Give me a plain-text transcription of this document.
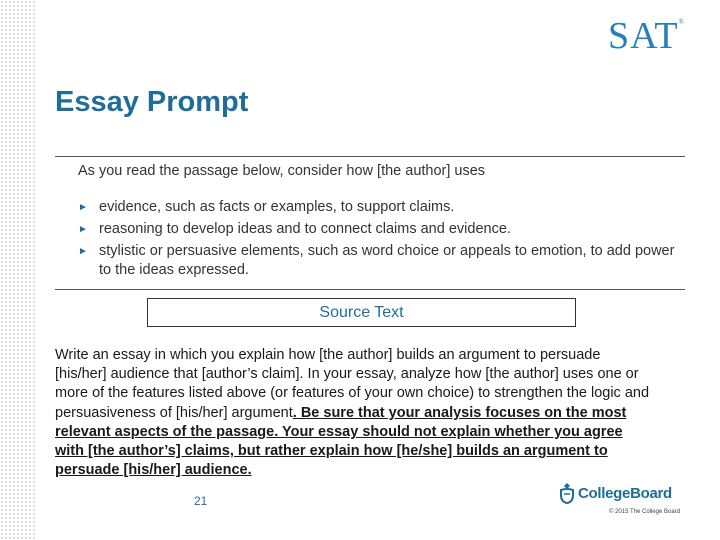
SAT®
Essay Prompt
As you read the passage below, consider how [the author] uses
► evidence, such as facts or examples, to support claims.
► reasoning to develop ideas and to connect claims and evidence.
► stylistic or persuasive elements, such as word choice or appeals to emotion, to add power to the ideas expressed.
Source Text

Write an essay in which you explain how [the author] builds an argument to persuade [his/her] audience that [author’s claim]. In your essay, analyze how [the author] uses one or more of the features listed above (or features of your own choice) to strengthen the logic and persuasiveness of [his/her] argument. Be sure that your analysis focuses on the most relevant aspects of the passage. Your essay should not explain whether you agree with [the author’s] claims, but rather explain how [he/she] builds an argument to persuade [his/her] audience.

21	CollegeBoard
© 2015 The College Board
